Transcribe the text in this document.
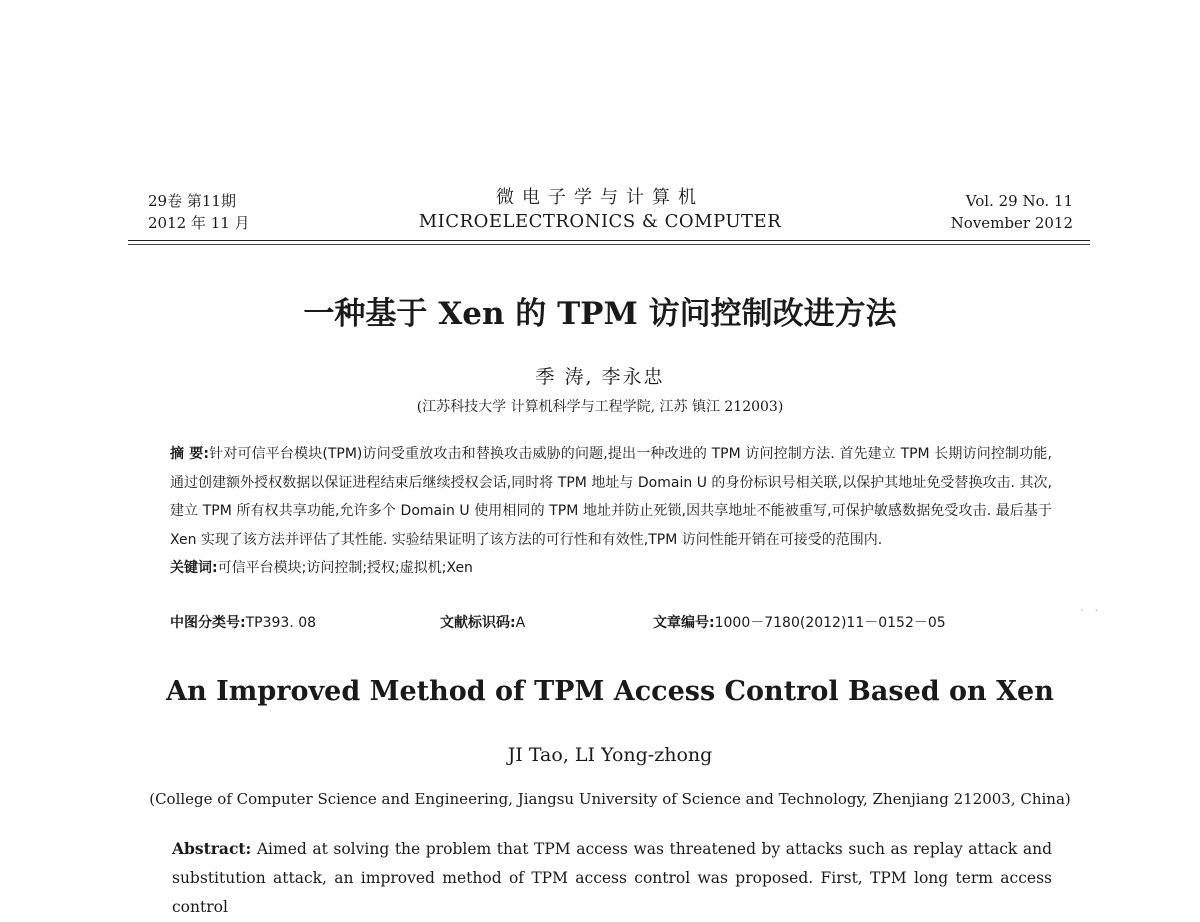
29卷 第11期
2012 年 11 月
微电子学与计算机
MICROELECTRONICS & COMPUTER
Vol. 29 No. 11
November 2012
一种基于 Xen 的 TPM 访问控制改进方法
季 涛, 李永忠
(江苏科技大学 计算机科学与工程学院, 江苏 镇江 212003)
摘 要:针对可信平台模块(TPM)访问受重放攻击和替换攻击威胁的问题,提出一种改进的 TPM 访问控制方法. 首先建立 TPM 长期访问控制功能,通过创建额外授权数据以保证进程结束后继续授权会话,同时将 TPM 地址与 Domain U 的身份标识号相关联,以保护其地址免受替换攻击. 其次,建立 TPM 所有权共享功能,允许多个 Domain U 使用相同的 TPM 地址并防止死锁,因共享地址不能被重写,可保护敏感数据免受攻击. 最后基于 Xen 实现了该方法并评估了其性能. 实验结果证明了该方法的可行性和有效性,TPM 访问性能开销在可接受的范围内.
关键词:可信平台模块;访问控制;授权;虚拟机;Xen
中图分类号:TP393. 08	文献标识码:A	文章编号:1000－7180(2012)11－0152－05
. .
An Improved Method of TPM Access Control Based on Xen
JI Tao, LI Yong-zhong
(College of Computer Science and Engineering, Jiangsu University of Science and Technology, Zhenjiang 212003, China)
Abstract: Aimed at solving the problem that TPM access was threatened by attacks such as replay attack and substitution attack, an improved method of TPM access control was proposed. First, TPM long term access control
